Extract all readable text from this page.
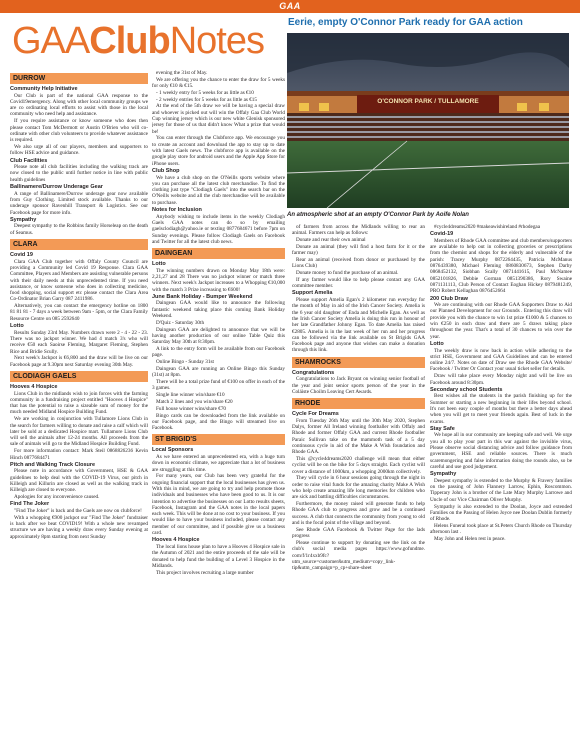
GAA
GAAClubNotes Eerie, empty O'Connor Park ready for GAA action
O'CONNOR PARK / TULLAMORE
An atmospheric shot at an empty O'Connor Park by Aoife Nolan
DURROW
Community Help Initiative

Our Club is part of the national GAA response to the Covid19emergency. Along with other local community groups we are co ordinating local efforts to assist with those in the local community who need help and assistance.

If you require assistance or know someone who does then please contact Tom McDermott or Austin O'Brien who will co-ordinate with other club volunteers to provide whatever assistance is required.

We also urge all of our players, members and supporters to follow HSE advice and guidance.

Club Facilities

Please note all club facilities including the walking track are now closed to the public until further notice in line with public health guidelines

Ballinamere/Durrow Underage Gear

A range of Ballinamere/Durrow underage gear now available from Guy Clothing. Limited stock available. Thanks to our underage sponsor Ravenhill Transport & Logistics. See our Facebook page for more info.

Sympathy

Deepest sympathy to the Robbins family Horseleap on the death of Seamus.

CLARA
Covid 19

Clara GAA Club together with Offaly County Council are providing a Community led Covid 19 Response. Clara GAA Committee, Players and Members are assisting vulnerable persons with their daily needs at this unprecedented time. If you need assistance, or know someone who does in collecting medicine, food shopping, social support etc please contact the Clara Area Co-Ordinator Brian Garry 087 2411986.

Alternatively, you can contact the emergency hotline on 1800 81 81 81 - 7 days a week between 9am - 5pm, or the Clara Family Resource Centre on 085 2592640

Lotto

Results Sunday 23rd May. Numbers drawn were 2 - 4 - 22 - 23. There was no jackpot winner. We had 4 match 3's who will receive €50 each Saoirse Fleming, Margaret Fleming, Stephen Rice and Bridie Scully.

Next week's Jackpot is €6,800 and the draw will be live on our Facebook page at 9.30pm next Saturday evening 30th May.

CLODIAGH GAELS
Hooves 4 Hospice

Lions Club in the midlands wish to join forces with the farming community in a fundraising project entitled "Hooves 4 Hospice" that has the potential to raise a sizeable sum of money for the much needed Midland Hospice Building Fund.

We are working in conjunction with Tullamore Lions Club in the search for farmers willing to donate and raise a calf which will later be sold at a dedicated Hospice mart. Tullamore Lions Club will sell the animals after 12-24 months. All proceeds from the sale of animals will go to the Midland Hospice Building Fund.

For more information contact: Mark Steil 0868826236 Kevin Hinch 0877684471

Pitch and Walking Track Closure

Please note in accordance with Government, HSE & GAA guidelines to help deal with the COVID-19 Virus, our pitch in Killeigh and Killurin are closed as well as the walking track in Killeigh are closed to everyone.

Apologies for any inconvenience caused.

Find The Joker

"Find The Joker" is back and the Gaels are now on clubforce!

With a whopping €900 jackpot our "Find The Joker" fundraiser is back after we beat COVID19! With a whole new revamped structure we are having a weekly draw every Sunday evening at approximately 8pm starting from next Sunday

evening the 31st of May.

We are offering you the chance to enter the draw for 5 weeks for only €10 & €15.

- 1 weekly entry for 5 weeks for as little as €10

- 2 weekly entries for 5 weeks for as little as €15

At the end of the 5th draw we will be having a special draw and whoever is picked out will win the Offaly Gaa Club World Cup winning jersey which is our new white Glenisk sponsored jersey for those of us that didn't know What a prize that would be!

You can enter through the Clubforce app. We encourage you to create an account and download the app to stay up to date with latest Gaels news. The clubforce app is available on the google play store for android users and the Apple App Store for iPhone users.

Club Shop

We have a club shop on the O'Neills sports website where you can purchase all the latest club merchandise. To find the clothing just type "Clodiagh Gaels" into the search bar on the O'Neills website and all the club merchandise will be available to purchase.

Notes for Inclusion

Anybody wishing to include items in the weekly Clodiagh Gaels GAA notes can do so by emailing gaelsclodiagh@yahoo.ie or texting 0877684671 before 7pm on Sunday evenings. Please follow Clodiagh Gaels on Facebook and Twitter for all the latest club news.

DAINGEAN
Lotto

The winning numbers drawn on Monday May 18th were: 2,21,27 and 28 There was no jackpot winner or match three winners. Next week's Jackpot increases to a Whopping €10,000 with the match 3 Prize increasing to €600!

June Bank Holiday - Bumper Weekend

Daingean GAA would like to announce the following fantastic weekend taking place this coming Bank Holiday Weekend.

D'Quiz - Saturday 30th

Daingean GAA are delighted to announce that we will be having another production of our online Table Quiz this Saturday May 30th at 8:30pm.

A link to the entry form will be available from our Facebook page.

Online Bingo - Sunday 31st

Daingean GAA are running an Online Bingo this Sunday (31st) at 8pm.

There will be a total prize fund of €100 on offer in each of the 3 games.

Single line winner win/share €10

Match 2 lines and you win/share €20

Full house winner wins/share €70

Bingo cards can be downloaded from the link available on our Facebook page, and the Bingo will streamed live on Facebook.

ST BRIGID'S
Local Sponsors

As we have entered an unprecedented era, with a huge turn down in economic climate, we appreciate that a lot of business are struggling at this time.

For many years, our Club has been very grateful for the ongoing financial support that the local businesses has given us. With this in mind, we are going to try and help promote those individuals and businesses who have been good to us. It is our intention to advertise the businesses on our Lotto results sheets, Facebook, Instagram and the GAA notes in the local papers each week. This will be done at no cost to your business. If you would like to have your business included, please contact any member of our committee, and if possible give us a business card.

Hooves 4 Hospice

The local lions house plan to have a Hooves 4 Hospice sale in the Autumn of 2021 and the entire proceeds of the sale will be donated to help fund the building of a Level 3 Hospice in the Midlands.

This project involves recruiting a large number

of farmers from across the Midlands willing to rear an animal. Farmers can help as follows:

Donate and rear their own animal

Donate an animal (they will find a host farm for it or the farmer may)

Rear an animal (received from donor or purchased by the Lions Club)

Donate money to fund the purchase of an animal.

If any farmer would like to help please contact any GAA committee member.

Support Amelia

Please support Amelia Egan's 2 kilometer run everyday for the month of May in aid of the Irish Cancer Society. Amelia is the 6 year old daughter of Enda and Michelle Egan. As well as the Irish Cancer Society Amelia is doing this run in honour of her late Grandfather Johnny Egan. To date Amelia has raised €2805. Amelia is in the last week of her run and her progress can be followed via the link available on St Brigids GAA Facebook page and anyone that wishes can make a donation through this link.

SHAMROCKS
Congratulations

Congratulations to Jack Bryant on winning senior football of the year and joint senior sports person of the year in the Coláiste Choilm Leaving Cert Awards.

RHODE
Cycle For Dreams

From Tuesday 26th May until the 30th May 2020, Stephen Dalys, former All Ireland winning footballer with Offaly and Rhode and former Offaly GAA and current Rhode footballer Paraic Sullivan take on the mammoth task of a 5 day continuous cycle in aid of the Make A Wish foundation and Rhode GAA.

This @cycle4dreams2020 challenge will mean that either cyclist will be on the bike for 5 days straight. Each cyclist will cover a distance of 1000km, a whopping 2000km collectively.

They will cycle in 6 hour sessions going through the night in order to raise vital funds for the amazing charity Make A Wish who help create amazing life long memories for children who are sick and battling difficulties circumstances.

Furthermore, the money raised will generate funds to help Rhode GAA club to progress and grow and be a continued success. A club that connects the community from young to old and is the focal point of the village and beyond.

See Rhode GAA Facebook & Twitter Page for the lads progress

Please continue to support by donating see the link on the club's social media pages https://www.gofundme. com/f/1r4xxb9fc?utm_source=customer&utm_medium=copy_link-tip&utm_campaign=p_cp+share-sheet

#cycle4dreams2020 #makeawishireland #rhodegaa

Covid-19

Members of Rhode GAA committee and club members/supporters are available to help out in collecting groceries or prescriptions from the chemist and shops for the elderly and vulnerable of the parish: Tracey Murphy 0872264435, Patricia McManus 0876439380, Michael Fleming 0860830673, Stephen Darby 0868452132, Siobhan Scally 0871441615, Paul McNamee 0852101826, Debbie Gorman 0851390386, Rory Swaine 0871131113, Club Person of Contact Eoghan Hickey 0879481249, PRO Robert Kellaghan 0876452664

200 Club Draw

We are continuing with our Rhode GAA Supporters Draw to Aid our Planned Development for our Grounds . Entering this draw will provide you with the chance to win 1st prize €1000 & 5 chances to win €250 in each draw and there are 5 draws taking place throughout the year. That's a total of 30 chances to win over the year.

Lotto

The weekly draw is now back in action while adhering to the strict HSE, Government and GAA Guidelines and can be entered online 24/7. Notes on date of Draw see the Rhode GAA Website/ Facebook / Twitter Or Contact your usual ticket seller for details.

Draw will take place every Monday night and will be live on Facebook around 8:30pm.

Secondary school Students

Best wishes all the students in the parish finishing up for the Summer or starting a new beginning in their lifes beyond school. It's not been easy couple of months but there a better days ahead when you will get to meet your friends again. Best of luck in the exams.

Stay Safe

We hope all in our community are keeping safe and well. We urge you all to play your part in this war against the invisible virus, Please observe social distancing advice and follow guidance from government, HSE and reliable sources. There is much scaremongering and false information doing the rounds also, so be careful and use good judgement.

Sympathy

Deepest sympathy is extended to the Murphy & Fravery families on the passing of John Flannery Larrow, Ephin, Roscommon. Tipperary John is a brother of the Late Mary Murphy Larrowe and Uncle of our Vice Chairman Oliver Murphy.

Sympathy is also extended to the Doolan, Joyce and extended Families on the Passing of Helen Joyce nee Doolan Dublin formerly of Rhode.

Helens Funeral took place at St.Peters Church Rhode on Thursday afternoon last .

May John and Helen rest in peace.
